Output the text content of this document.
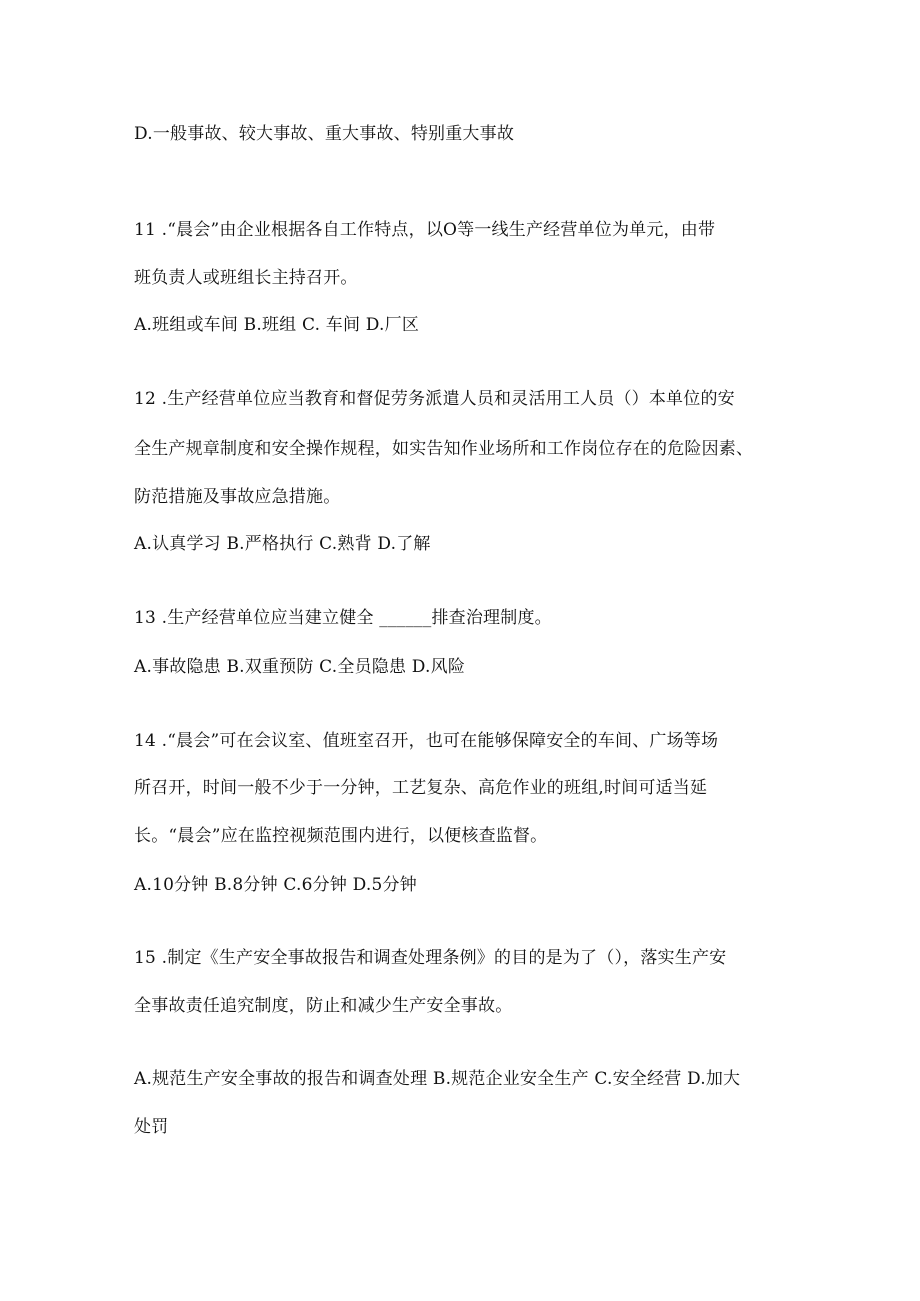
D.一般事故、较大事故、重大事故、特别重大事故
11 .“晨会”由企业根据各自工作特点，以O等一线生产经营单位为单元，由带
班负责人或班组长主持召开。
A.班组或车间 B.班组 C. 车间 D.厂区
12 .生产经营单位应当教育和督促劳务派遣人员和灵活用工人员（）本单位的安
全生产规章制度和安全操作规程，如实告知作业场所和工作岗位存在的危险因素、
防范措施及事故应急措施。
A.认真学习 B.严格执行 C.熟背 D.了解
13 .生产经营单位应当建立健全 ______排查治理制度。
A.事故隐患 B.双重预防 C.全员隐患 D.风险
14 .“晨会”可在会议室、值班室召开，也可在能够保障安全的车间、广场等场
所召开，时间一般不少于一分钟，工艺复杂、高危作业的班组,时间可适当延
长。“晨会”应在监控视频范围内进行，以便核查监督。
A.10分钟 B.8分钟 C.6分钟 D.5分钟
15 .制定《生产安全事故报告和调查处理条例》的目的是为了（），落实生产安
全事故责任追究制度，防止和减少生产安全事故。
A.规范生产安全事故的报告和调查处理 B.规范企业安全生产 C.安全经营 D.加大
处罚
